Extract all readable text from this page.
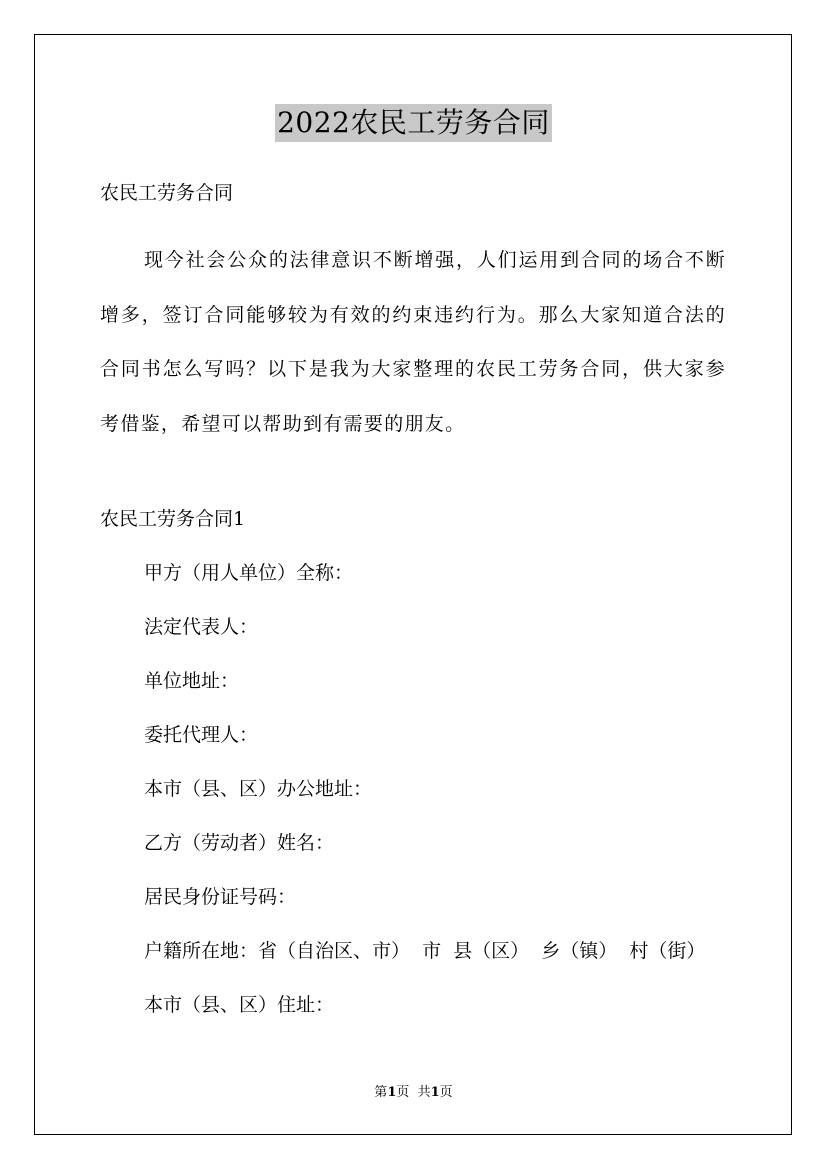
2022农民工劳务合同
农民工劳务合同
现今社会公众的法律意识不断增强，人们运用到合同的场合不断增多，签订合同能够较为有效的约束违约行为。那么大家知道合法的合同书怎么写吗？以下是我为大家整理的农民工劳务合同，供大家参考借鉴，希望可以帮助到有需要的朋友。
农民工劳务合同1
甲方（用人单位）全称：
法定代表人：
单位地址：
委托代理人：
本市（县、区）办公地址：
乙方（劳动者）姓名：
居民身份证号码：
户籍所在地：省（自治区、市）  市  县（区）  乡（镇）  村（街）
本市（县、区）住址：
第1页  共1页
